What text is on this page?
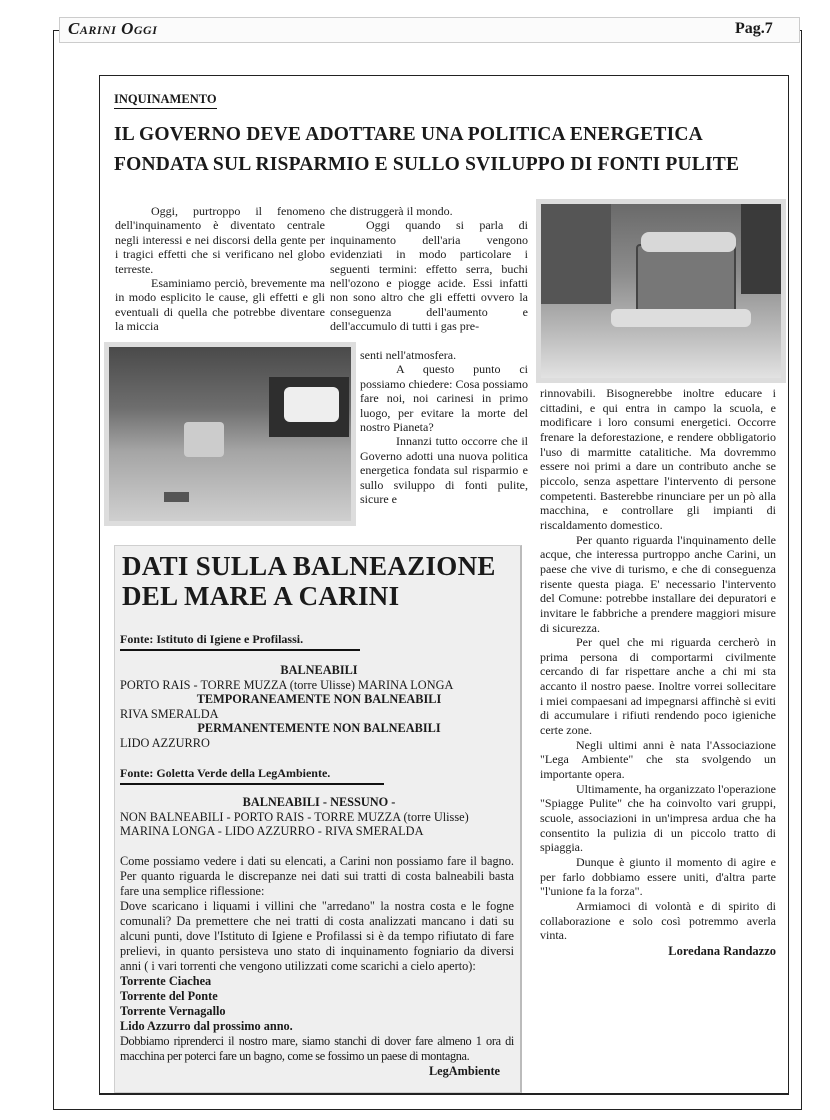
Carini Oggi	Pag.7
INQUINAMENTO
IL GOVERNO DEVE ADOTTARE UNA POLITICA ENERGETICA
FONDATA SUL RISPARMIO E SULLO SVILUPPO DI FONTI PULITE

Oggi, purtroppo il fenomeno dell'inquinamento è diventato centrale negli interessi e nei discorsi della gente per i tragici effetti che si verificano nel globo terreste.

Esaminiamo perciò, brevemente ma in modo esplicito le cause, gli effetti e gli eventuali di quella che potrebbe diventare la miccia

che distruggerà il mondo.

Oggi quando si parla di inquinamento dell'aria vengono evidenziati in modo particolare i seguenti termini: effetto serra, buchi nell'ozono e piogge acide. Essi infatti non sono altro che gli effetti ovvero la conseguenza dell'aumento e dell'accumulo di tutti i gas pre-

senti nell'atmosfera.

A questo punto ci possiamo chiedere: Cosa possiamo fare noi, noi carinesi in primo luogo, per evitare la morte del nostro Pianeta?

Innanzi tutto occorre che il Governo adotti una nuova politica energetica fondata sul risparmio e sullo sviluppo di fonti pulite, sicure e

rinnovabili. Bisognerebbe inoltre educare i cittadini, e qui entra in campo la scuola, e modificare i loro consumi energetici. Occorre frenare la deforestazione, e rendere obbligatorio l'uso di marmitte catalitiche. Ma dovremmo essere noi primi a dare un contributo anche se piccolo, senza aspettare l'intervento di persone competenti. Basterebbe rinunciare per un pò alla macchina, e controllare gli impianti di riscaldamento domestico.

Per quanto riguarda l'inquinamento delle acque, che interessa purtroppo anche Carini, un paese che vive di turismo, e che di conseguenza risente questa piaga. E' necessario l'intervento del Comune: potrebbe installare dei depuratori e invitare le fabbriche a prendere maggiori misure di sicurezza.

Per quel che mi riguarda cercherò in prima persona di comportarmi civilmente cercando di far rispettare anche a chi mi sta accanto il nostro paese. Inoltre vorrei sollecitare i miei compaesani ad impegnarsi affinchè si eviti di accumulare i rifiuti rendendo poco igieniche certe zone.

Negli ultimi anni è nata l'Associazione "Lega Ambiente" che sta svolgendo un importante opera.

Ultimamente, ha organizzato l'operazione "Spiagge Pulite" che ha coinvolto vari gruppi, scuole, associazioni in un'impresa ardua che ha consentito la pulizia di un piccolo tratto di spiaggia.

Dunque è giunto il momento di agire e per farlo dobbiamo essere uniti, d'altra parte "l'unione fa la forza".

Armiamoci di volontà e di spirito di collaborazione e solo così potremmo averla vinta.

Loredana Randazzo
DATI SULLA BALNEAZIONE
DEL MARE A CARINI
Fonte: Istituto di Igiene e Profilassi.
BALNEABILI
PORTO RAIS - TORRE MUZZA (torre Ulisse) MARINA LONGA
TEMPORANEAMENTE NON BALNEABILI
RIVA SMERALDA
PERMANENTEMENTE NON BALNEABILI
LIDO AZZURRO
Fonte: Goletta Verde della LegAmbiente.
BALNEABILI - NESSUNO -
NON BALNEABILI - PORTO RAIS - TORRE MUZZA (torre Ulisse)
MARINA LONGA - LIDO AZZURRO - RIVA SMERALDA
Come possiamo vedere i dati su elencati, a Carini non possiamo fare il bagno. Per quanto riguarda le discrepanze nei dati sui tratti di costa balneabili basta fare una semplice riflessione:
Dove scaricano i liquami i villini che "arredano" la nostra costa e le fogne comunali? Da premettere che nei tratti di costa analizzati mancano i dati su alcuni punti, dove l'Istituto di Igiene e Profilassi si è da tempo rifiutato di fare prelievi, in quanto persisteva uno stato di inquinamento fogniario da diversi anni ( i vari torrenti che vengono utilizzati come scarichi a cielo aperto):
Torrente Ciachea
Torrente del Ponte
Torrente Vernagallo
Lido Azzurro dal prossimo anno.
Dobbiamo riprenderci il nostro mare, siamo stanchi di dover fare almeno 1 ora di macchina per poterci fare un bagno, come se fossimo un paese di montagna.
LegAmbiente
